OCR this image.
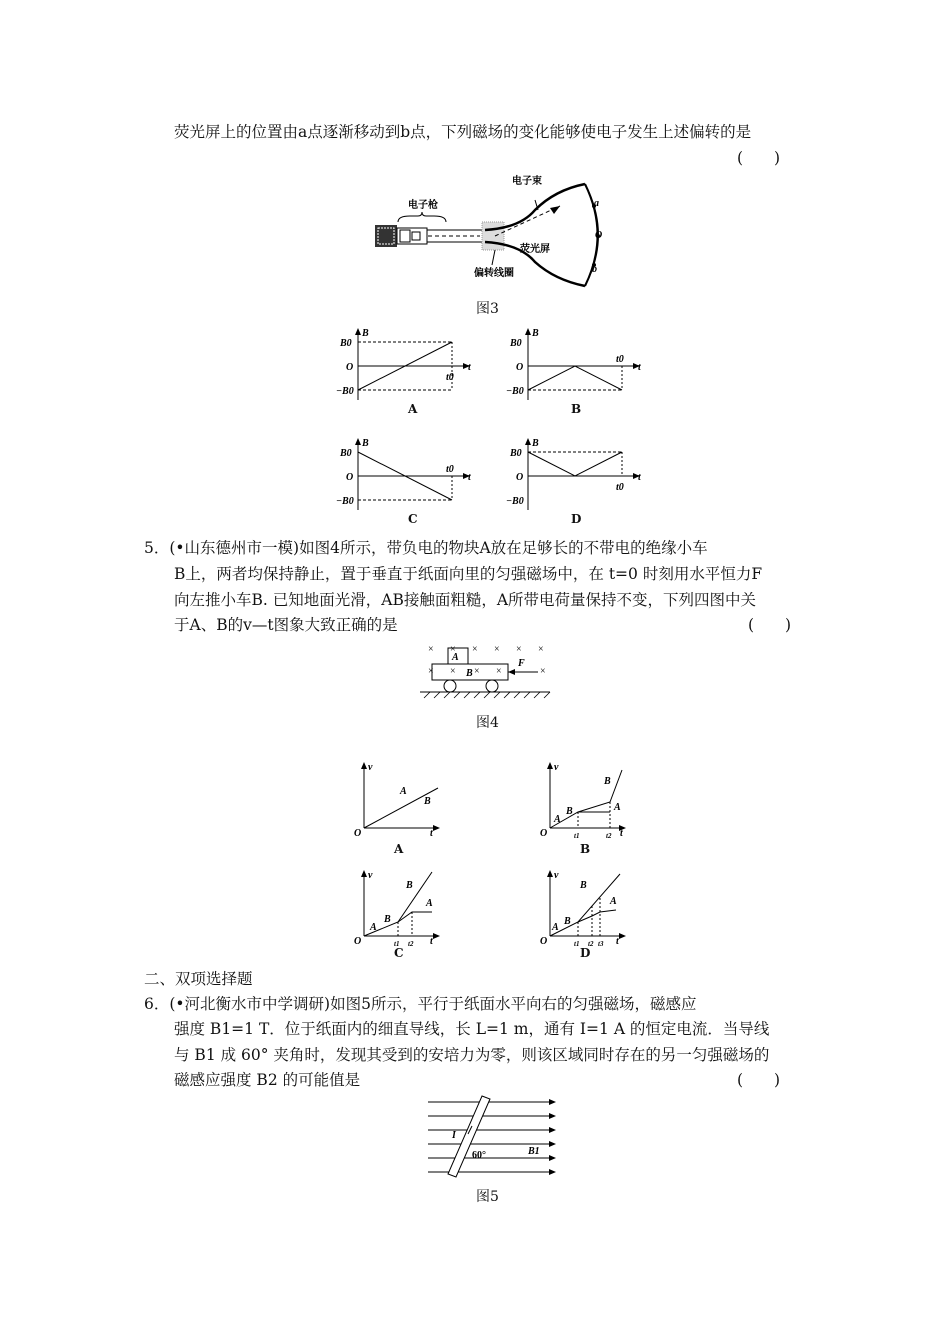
荧光屏上的位置由a点逐渐移动到b点，下列磁场的变化能够使电子发生上述偏转的是
(　　)
电子枪
电子束
荧光屏
偏转线圈
a
O
b
图3
B
B0
O
−B0
t0
t
A
B
B0
O
−B0
t0
t
B
B
B0
O
−B0
t0
t
C
B
B0
O
−B0
t0
t
D
5．(•山东德州市一模)如图4所示，带负电的物块A放在足够长的不带电的绝缘小车
B上，两者均保持静止，置于垂直于纸面向里的匀强磁场中，在 t=0 时刻用水平恒力F
向左推小车B. 已知地面光滑，AB接触面粗糙，A所带电荷量保持不变，下列四图中关
于A、B的v—t图象大致正确的是	(　　)
× × × × × ×
×
×
×	×
×
A
B
F
图4
v
O	t
A
B
A
v
O	t
A
B
B
A
t1	t2
B
v
O	t
A
B
B
A
t1 t2
C
v
O	t
A
B
B
A
t1 t2 t3
D
二、双项选择题
6．(•河北衡水市中学调研)如图5所示，平行于纸面水平向右的匀强磁场，磁感应
强度 B1=1 T．位于纸面内的细直导线，长 L=1 m，通有 I=1 A 的恒定电流．当导线
与 B1 成 60° 夹角时，发现其受到的安培力为零，则该区域同时存在的另一匀强磁场的
磁感应强度 B2 的可能值是	(　　)
I
60°	B1
图5
